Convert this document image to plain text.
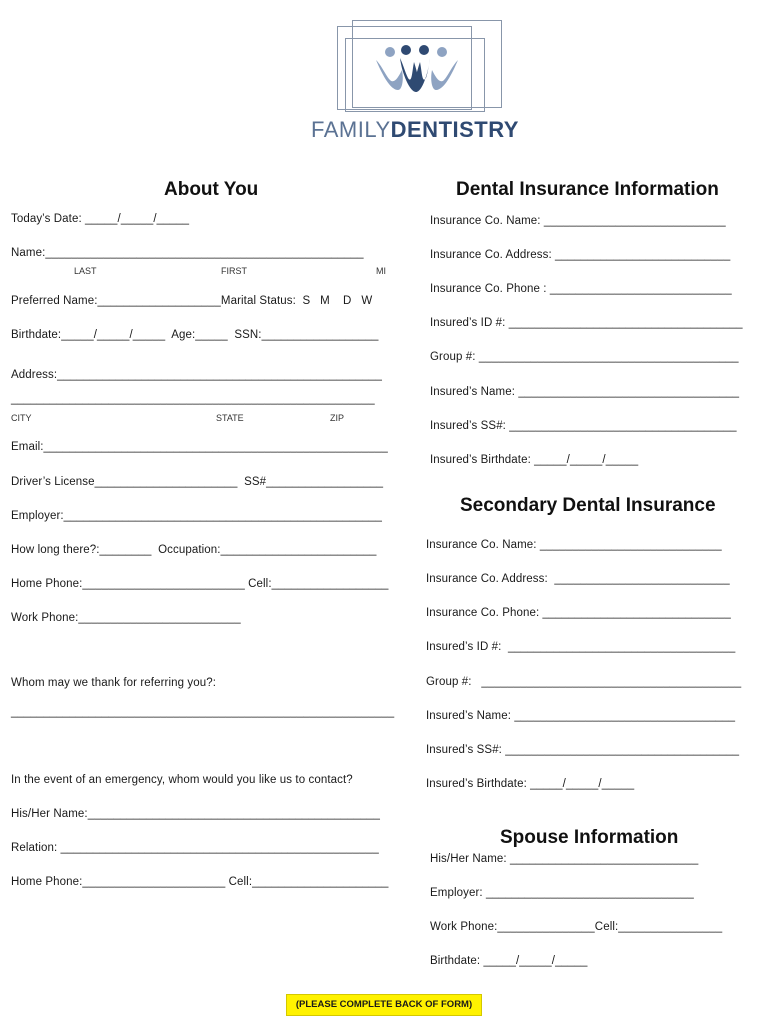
FAMILYDENTISTRY
About You
Today’s Date: _____/_____/_____
Name:_________________________________________________
LAST	FIRST	MI
Preferred Name:___________________Marital Status:  S   M    D   W
Birthdate:_____/_____/_____  Age:_____  SSN:__________________
Address:__________________________________________________
________________________________________________________
CITY	STATE	ZIP
Email:_____________________________________________________
Driver’s License______________________  SS#__________________
Employer:_________________________________________________
How long there?:________  Occupation:________________________
Home Phone:_________________________ Cell:__________________
Work Phone:_________________________
Whom may we thank for referring you?:
___________________________________________________________
In the event of an emergency, whom would you like us to contact?
His/Her Name:_____________________________________________
Relation: _________________________________________________
Home Phone:______________________ Cell:_____________________
Dental Insurance Information
Insurance Co. Name: ____________________________
Insurance Co. Address: ___________________________
Insurance Co. Phone : ____________________________
Insured’s ID #: ____________________________________
Group #: ________________________________________
Insured’s Name: __________________________________
Insured’s SS#: ___________________________________
Insured’s Birthdate: _____/_____/_____
Secondary Dental Insurance
Insurance Co. Name: ____________________________
Insurance Co. Address:  ___________________________
Insurance Co. Phone: _____________________________
Insured’s ID #:  ___________________________________
Group #:   ________________________________________
Insured’s Name: __________________________________
Insured’s SS#: ____________________________________
Insured’s Birthdate: _____/_____/_____
Spouse Information
His/Her Name: _____________________________
Employer: ________________________________
Work Phone:_______________Cell:________________
Birthdate: _____/_____/_____
(PLEASE COMPLETE BACK OF FORM)
